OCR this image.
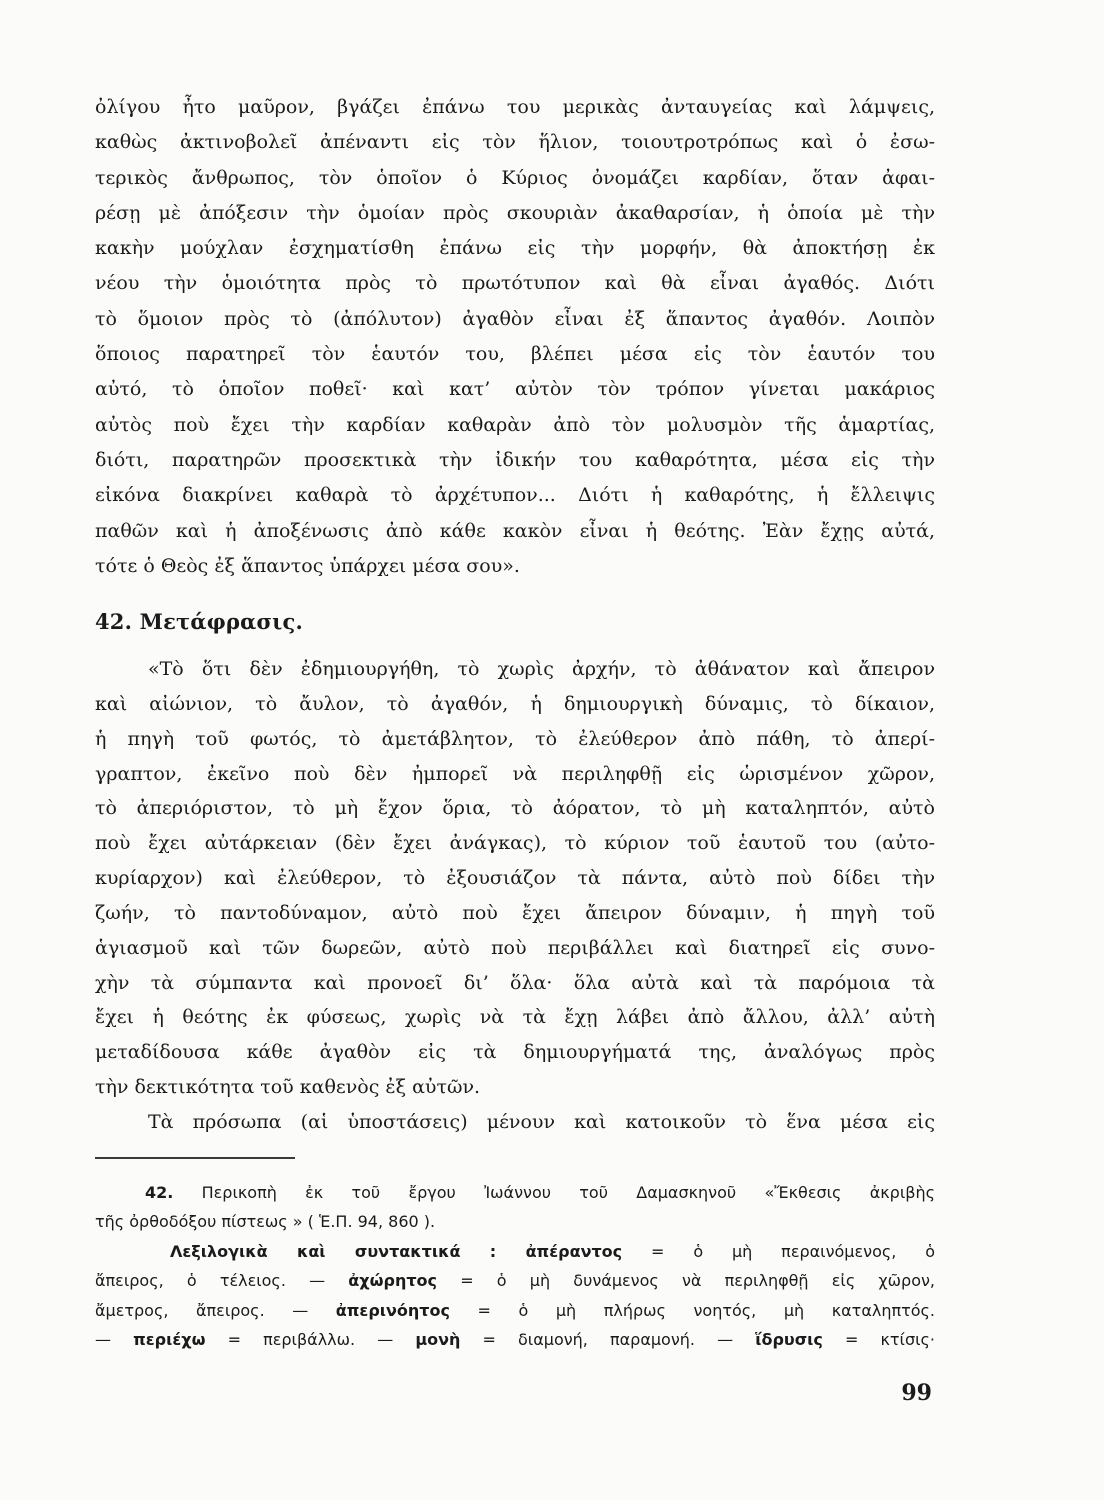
ὀλίγου ἦτο μαῦρον, βγάζει ἐπάνω του μερικὰς ἀνταυγείας καὶ λάμψεις,
καθὼς ἀκτινοβολεῖ ἀπέναντι εἰς τὸν ἥλιον, τοιουτροτρόπως καὶ ὁ ἐσω-
τερικὸς ἄνθρωπος, τὸν ὁποῖον ὁ Κύριος ὀνομάζει καρδίαν, ὅταν ἀφαι-
ρέσῃ μὲ ἀπόξεσιν τὴν ὁμοίαν πρὸς σκουριὰν ἀκαθαρσίαν, ἡ ὁποία μὲ τὴν
κακὴν μούχλαν ἐσχηματίσθη ἐπάνω εἰς τὴν μορφήν, θὰ ἀποκτήσῃ ἐκ
νέου τὴν ὁμοιότητα πρὸς τὸ πρωτότυπον καὶ θὰ εἶναι ἀγαθός. Διότι
τὸ ὅμοιον πρὸς τὸ (ἀπόλυτον) ἀγαθὸν εἶναι ἐξ ἅπαντος ἀγαθόν. Λοιπὸν
ὅποιος παρατηρεῖ τὸν ἑαυτόν του, βλέπει μέσα εἰς τὸν ἑαυτόν του
αὐτό, τὸ ὁποῖον ποθεῖ· καὶ κατ’ αὐτὸν τὸν τρόπον γίνεται μακάριος
αὐτὸς ποὺ ἔχει τὴν καρδίαν καθαρὰν ἀπὸ τὸν μολυσμὸν τῆς ἁμαρτίας,
διότι, παρατηρῶν προσεκτικὰ τὴν ἰδικήν του καθαρότητα, μέσα εἰς τὴν
εἰκόνα διακρίνει καθαρὰ τὸ ἀρχέτυπον... Διότι ἡ καθαρότης, ἡ ἔλλειψις
παθῶν καὶ ἡ ἀποξένωσις ἀπὸ κάθε κακὸν εἶναι ἡ θεότης. Ἐὰν ἔχῃς αὐτά,
τότε ὁ Θεὸς ἐξ ἅπαντος ὑπάρχει μέσα σου».
42. Μετάφρασις.
«Τὸ ὅτι δὲν ἐδημιουργήθη, τὸ χωρὶς ἀρχήν, τὸ ἀθάνατον καὶ ἄπειρον
καὶ αἰώνιον, τὸ ἄυλον, τὸ ἀγαθόν, ἡ δημιουργικὴ δύναμις, τὸ δίκαιον,
ἡ πηγὴ τοῦ φωτός, τὸ ἀμετάβλητον, τὸ ἐλεύθερον ἀπὸ πάθη, τὸ ἀπερί-
γραπτον, ἐκεῖνο ποὺ δὲν ἠμπορεῖ νὰ περιληφθῇ εἰς ὡρισμένον χῶρον,
τὸ ἀπεριόριστον, τὸ μὴ ἔχον ὅρια, τὸ ἀόρατον, τὸ μὴ καταληπτόν, αὐτὸ
ποὺ ἔχει αὐτάρκειαν (δὲν ἔχει ἀνάγκας), τὸ κύριον τοῦ ἑαυτοῦ του (αὐτο-
κυρίαρχον) καὶ ἐλεύθερον, τὸ ἐξουσιάζον τὰ πάντα, αὐτὸ ποὺ δίδει τὴν
ζωήν, τὸ παντοδύναμον, αὐτὸ ποὺ ἔχει ἄπειρον δύναμιν, ἡ πηγὴ τοῦ
ἁγιασμοῦ καὶ τῶν δωρεῶν, αὐτὸ ποὺ περιβάλλει καὶ διατηρεῖ εἰς συνο-
χὴν τὰ σύμπαντα καὶ προνοεῖ δι’ ὅλα· ὅλα αὐτὰ καὶ τὰ παρόμοια τὰ
ἔχει ἡ θεότης ἐκ φύσεως, χωρὶς νὰ τὰ ἔχῃ λάβει ἀπὸ ἄλλου, ἀλλ’ αὐτὴ
μεταδίδουσα κάθε ἀγαθὸν εἰς τὰ δημιουργήματά της, ἀναλόγως πρὸς
τὴν δεκτικότητα τοῦ καθενὸς ἐξ αὐτῶν.
Τὰ πρόσωπα (αἱ ὑποστάσεις) μένουν καὶ κατοικοῦν τὸ ἕνα μέσα εἰς
42. Περικοπὴ ἐκ τοῦ ἔργου Ἰωάννου τοῦ Δαμασκηνοῦ «Ἔκθεσις ἀκριβὴς
τῆς ὀρθοδόξου πίστεως » ( Ἑ.Π. 94, 860 ).
Λεξιλογικὰ καὶ συντακτικά : ἀπέραντος = ὁ μὴ περαινόμενος, ὁ
ἄπειρος, ὁ τέλειος. — ἀχώρητος = ὁ μὴ δυνάμενος νὰ περιληφθῇ εἰς χῶρον,
ἄμετρος, ἄπειρος. — ἀπερινόητος = ὁ μὴ πλήρως νοητός, μὴ καταληπτός.
— περιέχω = περιβάλλω. — μονὴ = διαμονή, παραμονή. — ἵδρυσις = κτίσις·
99
